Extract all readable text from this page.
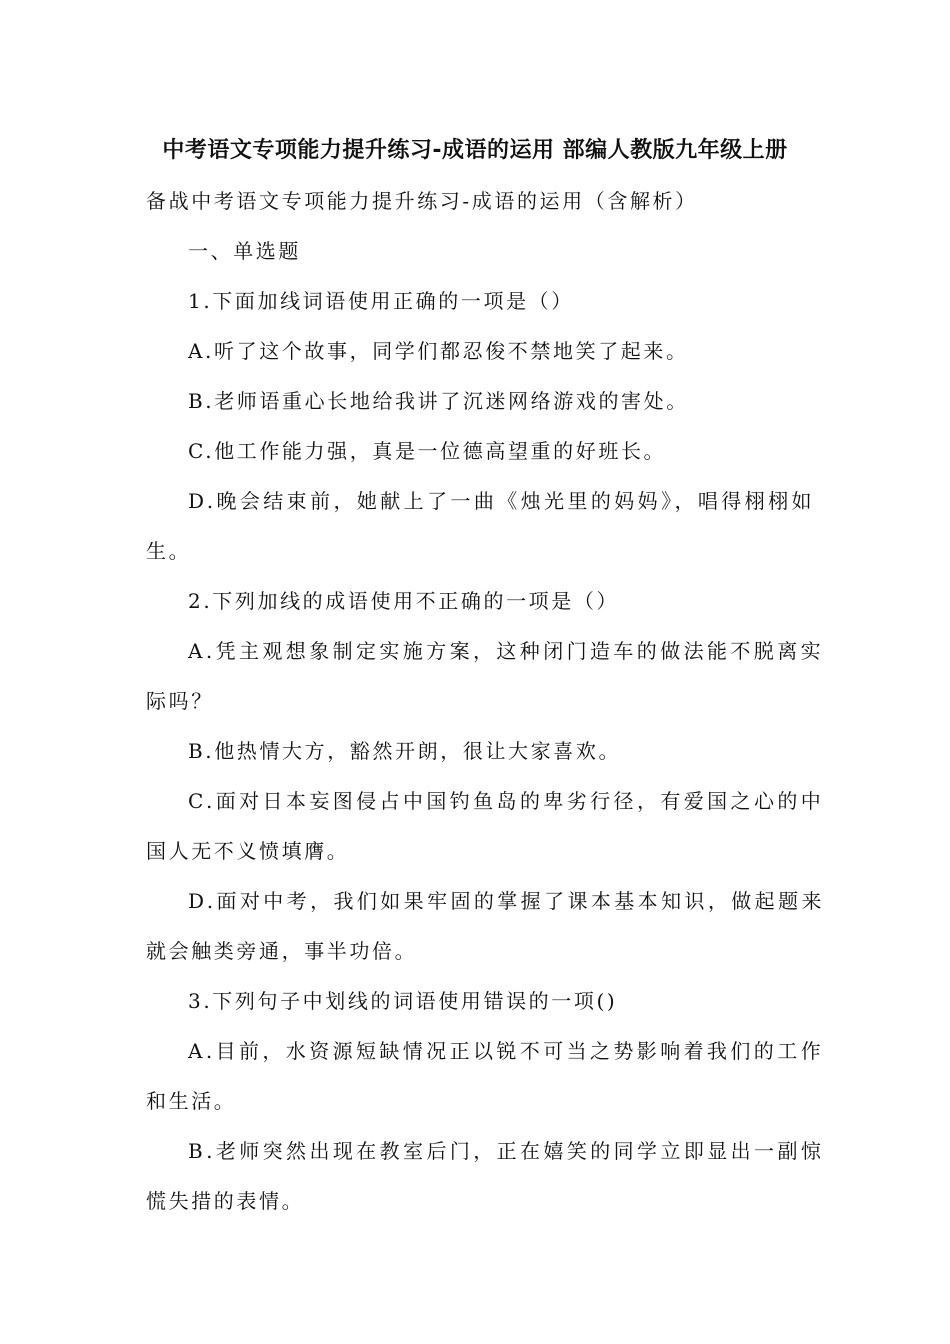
中考语文专项能力提升练习-成语的运用 部编人教版九年级上册
备战中考语文专项能力提升练习-成语的运用（含解析）
一、单选题
1.下面加线词语使用正确的一项是（）
A.听了这个故事，同学们都忍俊不禁地笑了起来。
B.老师语重心长地给我讲了沉迷网络游戏的害处。
C.他工作能力强，真是一位德高望重的好班长。
D.晚会结束前，她献上了一曲《烛光里的妈妈》，唱得栩栩如
生。
2.下列加线的成语使用不正确的一项是（）
A.凭主观想象制定实施方案，这种闭门造车的做法能不脱离实
际吗？
B.他热情大方，豁然开朗，很让大家喜欢。
C.面对日本妄图侵占中国钓鱼岛的卑劣行径，有爱国之心的中
国人无不义愤填膺。
D.面对中考，我们如果牢固的掌握了课本基本知识，做起题来
就会触类旁通，事半功倍。
3.下列句子中划线的词语使用错误的一项()
A.目前，水资源短缺情况正以锐不可当之势影响着我们的工作
和生活。
B.老师突然出现在教室后门，正在嬉笑的同学立即显出一副惊
慌失措的表情。
